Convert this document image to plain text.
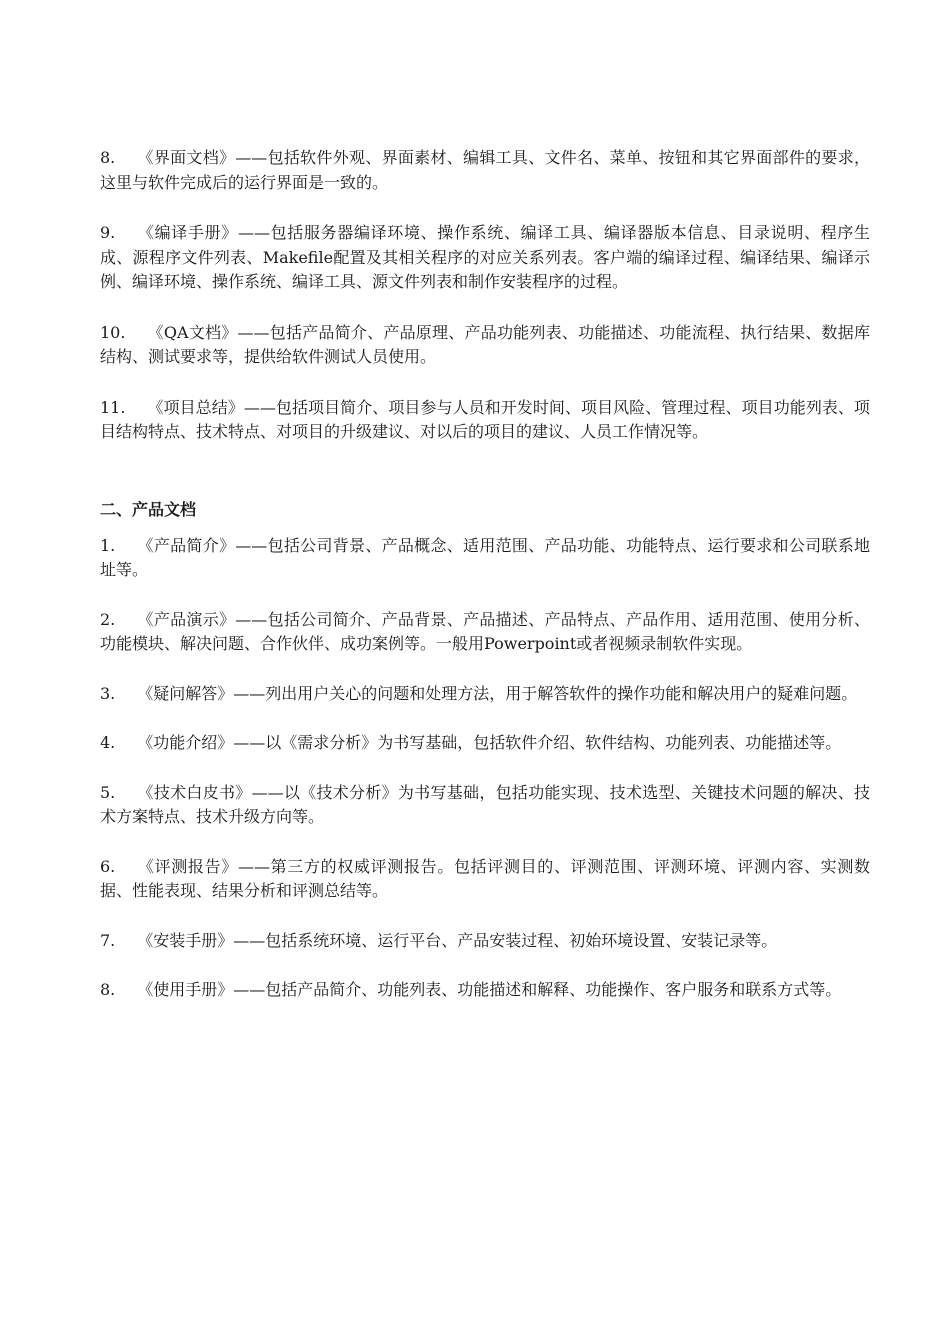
8. 《界面文档》——包括软件外观、界面素材、编辑工具、文件名、菜单、按钮和其它界面部件的要求，这里与软件完成后的运行界面是一致的。

9. 《编译手册》——包括服务器编译环境、操作系统、编译工具、编译器版本信息、目录说明、程序生成、源程序文件列表、Makefile配置及其相关程序的对应关系列表。客户端的编译过程、编译结果、编译示例、编译环境、操作系统、编译工具、源文件列表和制作安装程序的过程。

10. 《QA文档》——包括产品简介、产品原理、产品功能列表、功能描述、功能流程、执行结果、数据库结构、测试要求等，提供给软件测试人员使用。

11. 《项目总结》——包括项目简介、项目参与人员和开发时间、项目风险、管理过程、项目功能列表、项目结构特点、技术特点、对项目的升级建议、对以后的项目的建议、人员工作情况等。

二、产品文档

1. 《产品简介》——包括公司背景、产品概念、适用范围、产品功能、功能特点、运行要求和公司联系地址等。

2. 《产品演示》——包括公司简介、产品背景、产品描述、产品特点、产品作用、适用范围、使用分析、功能模块、解决问题、合作伙伴、成功案例等。一般用Powerpoint或者视频录制软件实现。

3. 《疑问解答》——列出用户关心的问题和处理方法，用于解答软件的操作功能和解决用户的疑难问题。

4. 《功能介绍》——以《需求分析》为书写基础，包括软件介绍、软件结构、功能列表、功能描述等。

5. 《技术白皮书》——以《技术分析》为书写基础，包括功能实现、技术选型、关键技术问题的解决、技术方案特点、技术升级方向等。

6. 《评测报告》——第三方的权威评测报告。包括评测目的、评测范围、评测环境、评测内容、实测数据、性能表现、结果分析和评测总结等。

7. 《安装手册》——包括系统环境、运行平台、产品安装过程、初始环境设置、安装记录等。

8. 《使用手册》——包括产品简介、功能列表、功能描述和解释、功能操作、客户服务和联系方式等。
